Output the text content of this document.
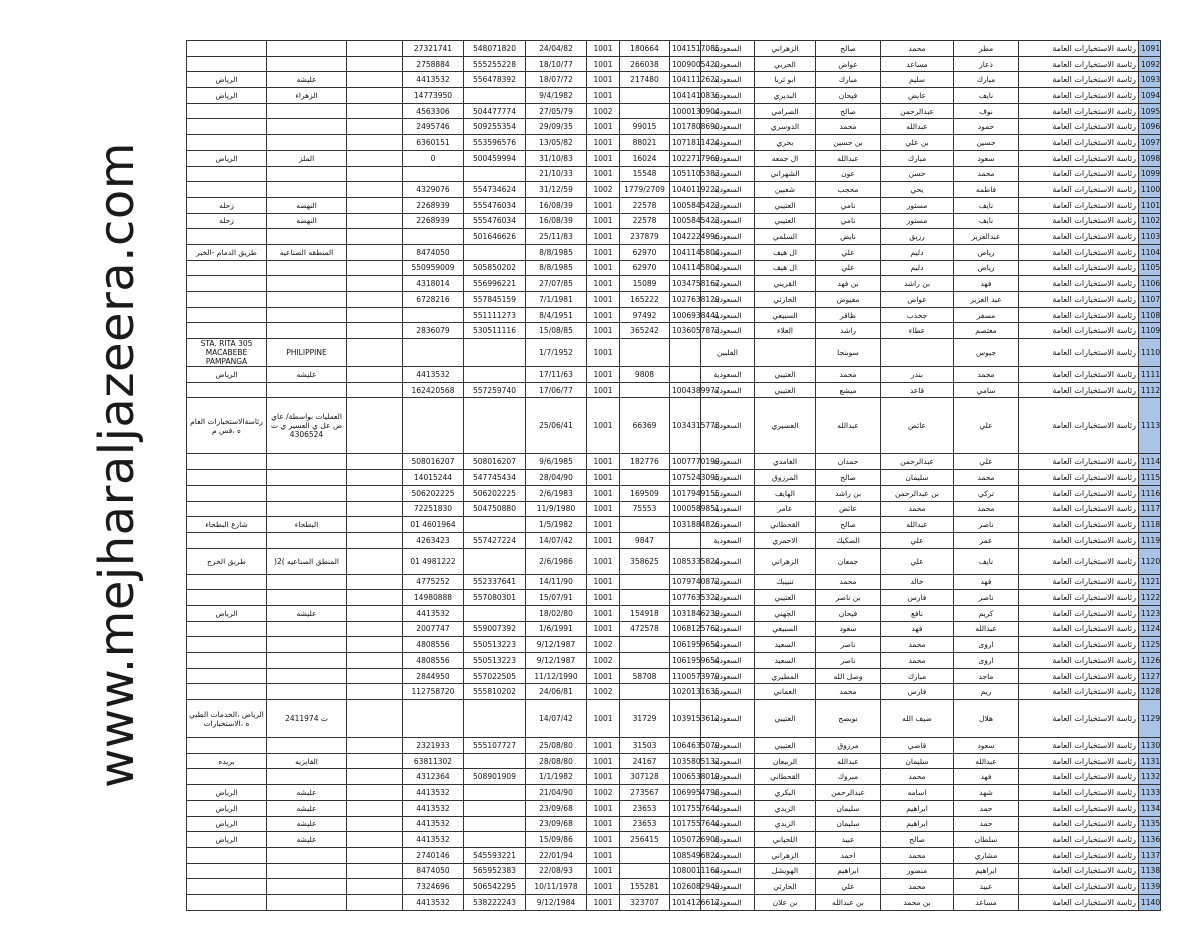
www.mejharaljazeera.com
			27321741	548071820	24/04/82	1001	180664	1041517085	السعودية	الزهراني	صالح	محمد	مطر	رئاسة الاستخبارات العامة	1091
			2758884	555255228	18/10/77	1001	266038	1009005420	السعودية	الحربي	عواض	مساعد	ذعار	رئاسة الاستخبارات العامة	1092
الرياض	عليشه		4413532	556478392	18/07/72	1001	217480	1041112622	السعودية	ابو ثريا	مبارك	سليم	مبارك	رئاسة الاستخبارات العامة	1093
الرياض	الزهراء		14773950		9/4/1982	1001		1041410836	السعودية	البديري	فيحان	عايض	نايف	رئاسة الاستخبارات العامة	1094
			4563306	504477774	27/05/79	1002		1000130904	السعودية	الصرامي	صالح	عبدالرحمن	نوف	رئاسة الاستخبارات العامة	1095
			2495746	509255354	29/09/35	1001	99015	1017808690	السعودية	الدوسري	محمد	عبدالله	حمود	رئاسة الاستخبارات العامة	1096
			6360151	553596576	13/05/82	1001	88021	1071811424	السعودية	بحري	بن حسين	بن علي	حسين	رئاسة الاستخبارات العامة	1097
الرياض	الملز		0	500459994	31/10/83	1001	16024	1022717969	السعودية	ال جمعه	عبدالله	مبارك	سعود	رئاسة الاستخبارات العامة	1098
					21/10/33	1001	15548	1051105383	السعودية	الشهراني	عون	حسن	محمد	رئاسة الاستخبارات العامة	1099
			4329076	554734624	31/12/59	1002	1779/2709	1040119222	السعودية	شعبين	محجب	يحي	فاطمه	رئاسة الاستخبارات العامة	1100
زحله	النهضه		2268939	555476034	16/08/39	1001	22578	1005845423	السعودية	العتيبي	نامي	مستور	نايف	رئاسة الاستخبارات العامة	1101
زحله	النهضه		2268939	555476034	16/08/39	1001	22578	1005845423	السعودية	العتيبي	نامي	مستور	نايف	رئاسة الاستخبارات العامة	1102
				501646626	25/11/83	1001	237879	1042224996	السعودية	السلمي	نايض	رزيق	عبدالعزيز	رئاسة الاستخبارات العامة	1103
طريق الدمام -الخبر	المنطقه الصناعيه		8474050		8/8/1985	1001	62970	1041145804	السعودية	ال هيف	علي	دليم	رياض	رئاسة الاستخبارات العامة	1104
			550959009	505850202	8/8/1985	1001	62970	1041145804	السعودية	ال هيف	علي	دليم	رياض	رئاسة الاستخبارات العامة	1105
			4318014	556996221	27/07/85	1001	15089	1034758167	السعودية	القريني	بن فهد	بن راشد	فهد	رئاسة الاستخبارات العامة	1106
			6728216	557845159	7/1/1981	1001	165222	1027638129	السعودية	الحارثي	معيوض	عواض	عبد العزيز	رئاسة الاستخبارات العامة	1107
				551111273	8/4/1951	1001	97492	1006938441	السعودية	السبيعي	ظافر	جخدب	مسفر	رئاسة الاستخبارات العامة	1108
			2836079	530511116	15/08/85	1001	365242	1036057873	السعودية	العلاء	راشد	عطاء	معتصم	رئاسة الاستخبارات العامة	1109
305 STA. RITA MACABEBE PAMPANGA	PHILIPPINE				1/7/1952	1001			الفلبين		سوبنجا		جيوس	رئاسة الاستخبارات العامة	1110
الرياض	عليشه		4413532		17/11/63	1001	9808		السعودية	العتيبي	محمد	بندر	محمد	رئاسة الاستخبارات العامة	1111
			162420568	557259740	17/06/77	1001		1004389977	السعودية	العتيبي	ميشع	قاعد	سامي	رئاسة الاستخبارات العامة	1112
رئاسةالاستخبارات العام ه ،قس م	العمليات بواسطة/ عاي ض عل ي العسير ي ت 4306524				25/06/41	1001	66369	1034315778	السعودية	العسيري	عبدالله	عائض	علي	رئاسة الاستخبارات العامة	1113
			508016207	508016207	9/6/1985	1001	182776	1007770199	السعودية	الغامدي	حمدان	عبدالرحمن	علي	رئاسة الاستخبارات العامة	1114
			14015244	547745434	28/04/90	1001		1075243095	السعودية	المرزوق	صالح	سليمان	محمد	رئاسة الاستخبارات العامة	1115
			506202225	506202225	2/6/1983	1001	169509	1017949155	السعودية	الهايف	بن راشد	بن عبدالرحمن	تركي	رئاسة الاستخبارات العامة	1116
			72251830	504750880	11/9/1980	1001	75553	1000589851	السعودية	عامر	عائض	محمد	محمد	رئاسة الاستخبارات العامة	1117
شارع البطحاء	البطحاء		01 4601964		1/5/1982	1001		1031884826	السعودية	القحطاني	صالح	عبدالله	ناصر	رئاسة الاستخبارات العامة	1118
			4263423	557427224	14/07/42	1001	9847		السعودية	الاحمري	الصكيك	علي	عمر	رئاسة الاستخبارات العامة	1119
طريق الخرج	المنطق الصناعيه )2(		01 4981222		2/6/1986	1001	358625	1085335824	السعودية	الزهراني	جمعان	علي	نايف	رئاسة الاستخبارات العامة	1120
			4775252	552337641	14/11/90	1001		1079740872	السعودية	تنبيبك	محمد	خالد	فهد	رئاسة الاستخبارات العامة	1121
			14980888	557080301	15/07/91	1001		1077635322	السعودية	العتيبي	بن ناصر	فارس	ناصر	رئاسة الاستخبارات العامة	1122
الرياض	عليشه		4413532		18/02/80	1001	154918	1031846239	السعودية	الجهني	فيحان	نافع	كريم	رئاسة الاستخبارات العامة	1123
			2007747	559007392	1/6/1991	1001	472578	1068125762	السعودية	السبيعي	سعود	فهد	عبدالله	رئاسة الاستخبارات العامة	1124
			4808556	550513223	9/12/1987	1002		1061959654	السعودية	السعيد	ناصر	محمد	اروى	رئاسة الاستخبارات العامة	1125
			4808556	550513223	9/12/1987	1002		1061959654	السعودية	السعيد	ناصر	محمد	اروى	رئاسة الاستخبارات العامة	1126
			2844950	557022505	11/12/1990	1001	58708	1100573979	السعودية	المطيري	وصل الله	مبارك	ماجد	رئاسة الاستخبارات العامة	1127
			112758720	555810202	24/06/81	1002		1020131635	السعودية	العماني	محمد	فارس	ريم	رئاسة الاستخبارات العامة	1128
الرياض ،الخدمات الطبي ه ،الاستخبارات	ت 2411974				14/07/42	1001	31729	1039153612	السعودية	العتيبي	نويصح	ضيف الله	هلال	رئاسة الاستخبارات العامة	1129
			2321933	555107727	25/08/80	1001	31503	1064635079	السعودية	العتيبي	مرزوق	قاضي	سعود	رئاسة الاستخبارات العامة	1130
بريده	الفايزيه		63811302		28/08/80	1001	24167	1035805132	السعودية	الربيعان	عبدالله	سليمان	عبدالله	رئاسة الاستخبارات العامة	1131
			4312364	508901909	1/1/1982	1001	307128	1006538019	السعودية	القحطاني	مبروك	محمد	فهد	رئاسة الاستخبارات العامة	1132
الرياض	عليشه		4413532		21/04/90	1002	273567	1069954798	السعودية	البكري	عبدالرحمن	اسامه	شهد	رئاسة الاستخبارات العامة	1133
الرياض	عليشه		4413532		23/09/68	1001	23653	1017557644	السعودية	الزيدي	سليمان	ابراهيم	حمد	رئاسة الاستخبارات العامة	1134
الرياض	عليشه		4413532		23/09/68	1001	23653	1017557644	السعودية	الزيدي	سليمان	ابراهيم	حمد	رئاسة الاستخبارات العامة	1135
الرياض	عليشه		4413532		15/09/86	1001	256415	1050726908	السعودية	اللحياني	عبيد	صالح	سلطان	رئاسة الاستخبارات العامة	1136
			2740146	545593221	22/01/94	1001		1085496824	السعودية	الزهراني	احمد	محمد	مشاري	رئاسة الاستخبارات العامة	1137
			8474050	565952383	22/08/93	1001		1080011164	السعودية	الهويشل	ابراهيم	منصور	ابراهيم	رئاسة الاستخبارات العامة	1138
			7324696	506542295	10/11/1978	1001	155281	1026082949	السعودية	الحارثي	علي	محمد	عبيد	رئاسة الاستخبارات العامة	1139
			4413532	538222243	9/12/1984	1001	323707	1014126617	السعودية	بن علان	بن عبدالله	بن محمد	مساعد	رئاسة الاستخبارات العامة	1140
